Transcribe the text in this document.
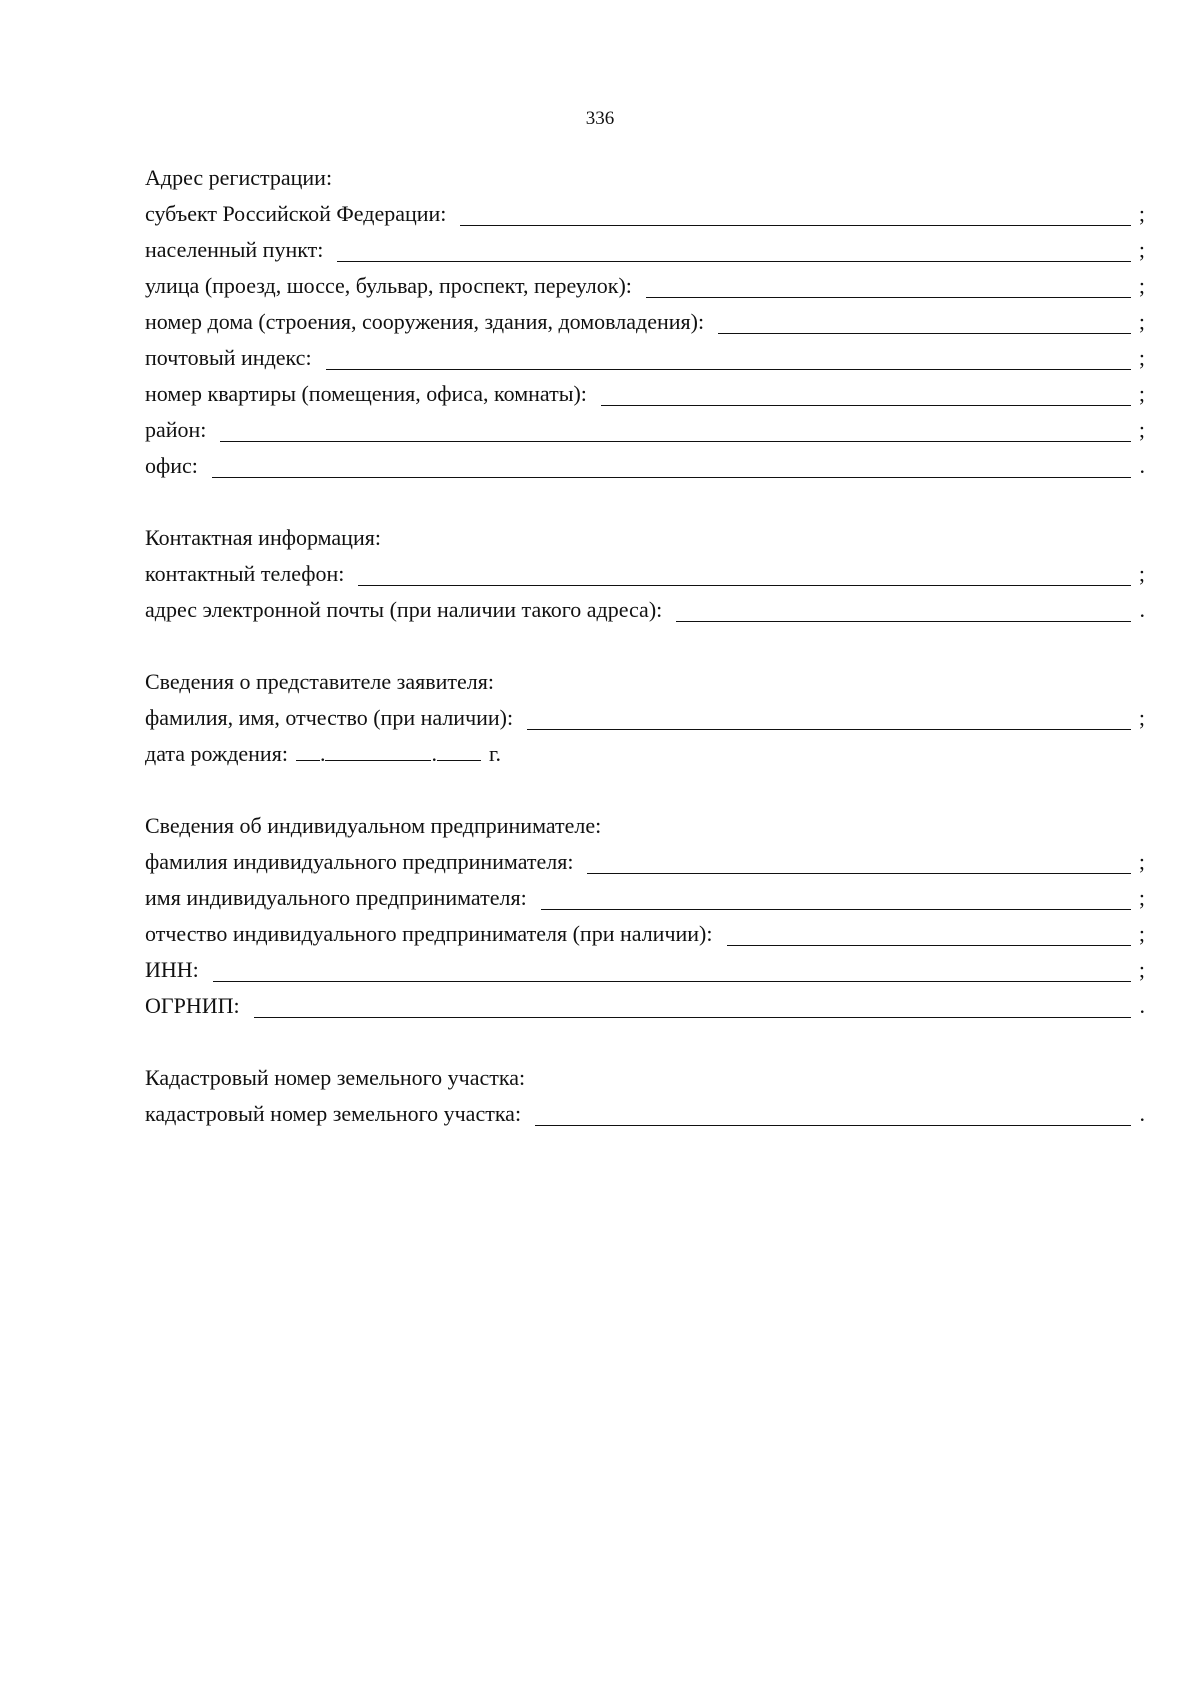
336
Адрес регистрации:
субъект Российской Федерации:	;
населенный пункт:	;
улица (проезд, шоссе, бульвар, проспект, переулок):	;
номер дома (строения, сооружения, здания, домовладения):	;
почтовый индекс:	;
номер квартиры (помещения, офиса, комнаты):	;
район:	;
офис:	.
Контактная информация:
контактный телефон:	;
адрес электронной почты (при наличии такого адреса):	.
Сведения о представителе заявителя:
фамилия, имя, отчество (при наличии):	;
дата рождения: .	. г.
Сведения об индивидуальном предпринимателе:
фамилия индивидуального предпринимателя:	;
имя индивидуального предпринимателя:	;
отчество индивидуального предпринимателя (при наличии):	;
ИНН:	;
ОГРНИП:	.
Кадастровый номер земельного участка:
кадастровый номер земельного участка:	.
